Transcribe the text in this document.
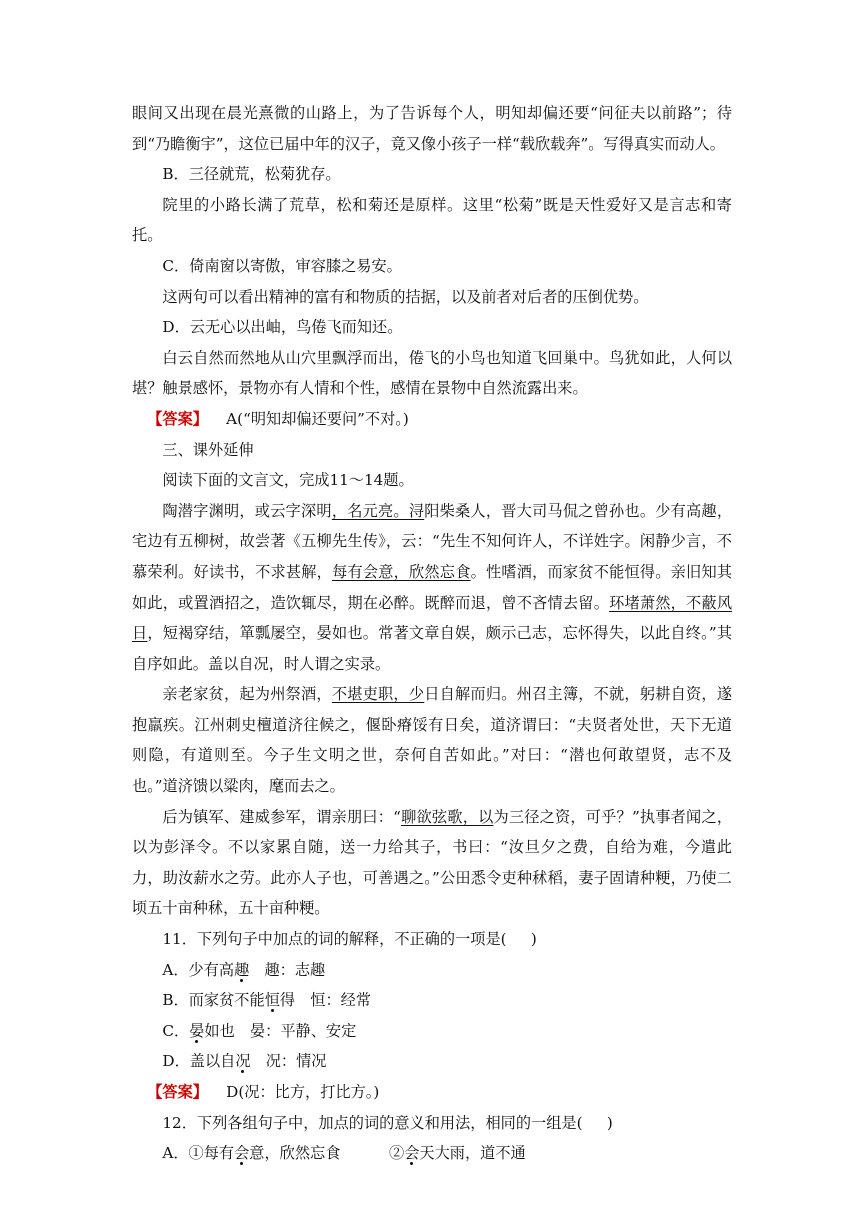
眼间又出现在晨光熹微的山路上，为了告诉每个人，明知却偏还要“问征夫以前路”；待到“乃瞻衡宇”，这位已届中年的汉子，竟又像小孩子一样“载欣载奔”。写得真实而动人。

B．三径就荒，松菊犹存。

院里的小路长满了荒草，松和菊还是原样。这里“松菊”既是天性爱好又是言志和寄托。

C．倚南窗以寄傲，审容膝之易安。

这两句可以看出精神的富有和物质的拮据，以及前者对后者的压倒优势。

D．云无心以出岫，鸟倦飞而知还。

白云自然而然地从山穴里飘浮而出，倦飞的小鸟也知道飞回巢中。鸟犹如此，人何以堪？触景感怀，景物亦有人情和个性，感情在景物中自然流露出来。

【答案】 A(“明知却偏还要问”不对。)

三、课外延伸

阅读下面的文言文，完成11～14题。

陶潜字渊明，或云字深明，名元亮。浔阳柴桑人，晋大司马侃之曾孙也。少有高趣，宅边有五柳树，故尝著《五柳先生传》，云：“先生不知何许人，不详姓字。闲静少言，不慕荣利。好读书，不求甚解，每有会意，欣然忘食。性嗜酒，而家贫不能恒得。亲旧知其如此，或置酒招之，造饮辄尽，期在必醉。既醉而退，曾不吝情去留。环堵萧然，不蔽风日，短褐穿结，箪瓢屡空，晏如也。常著文章自娱，颇示己志，忘怀得失，以此自终。”其自序如此。盖以自况，时人谓之实录。

亲老家贫，起为州祭酒，不堪吏职，少日自解而归。州召主簿，不就，躬耕自资，遂抱羸疾。江州刺史檀道济往候之，偃卧瘠馁有日矣，道济谓曰：“夫贤者处世，天下无道则隐，有道则至。今子生文明之世，奈何自苦如此。”对曰：“潜也何敢望贤，志不及也。”道济馈以粱肉，麾而去之。

后为镇军、建威参军，谓亲朋曰：“聊欲弦歌，以为三径之资，可乎？”执事者闻之，以为彭泽令。不以家累自随，送一力给其子，书曰：“汝旦夕之费，自给为难，今遣此力，助汝薪水之劳。此亦人子也，可善遇之。”公田悉令吏种秫稻，妻子固请种粳，乃使二顷五十亩种秫，五十亩种粳。

11．下列句子中加点的词的解释，不正确的一项是( )

A．少有高趣　 趣：志趣

B．而家贫不能恒得　 恒：经常

C．晏如也　 晏：平静、安定

D．盖以自况　 况：情况

【答案】 D(况：比方，打比方。)

12．下列各组句子中，加点的词的意义和用法，相同的一组是( )

A．①每有会意，欣然忘食	②会天大雨，道不通
